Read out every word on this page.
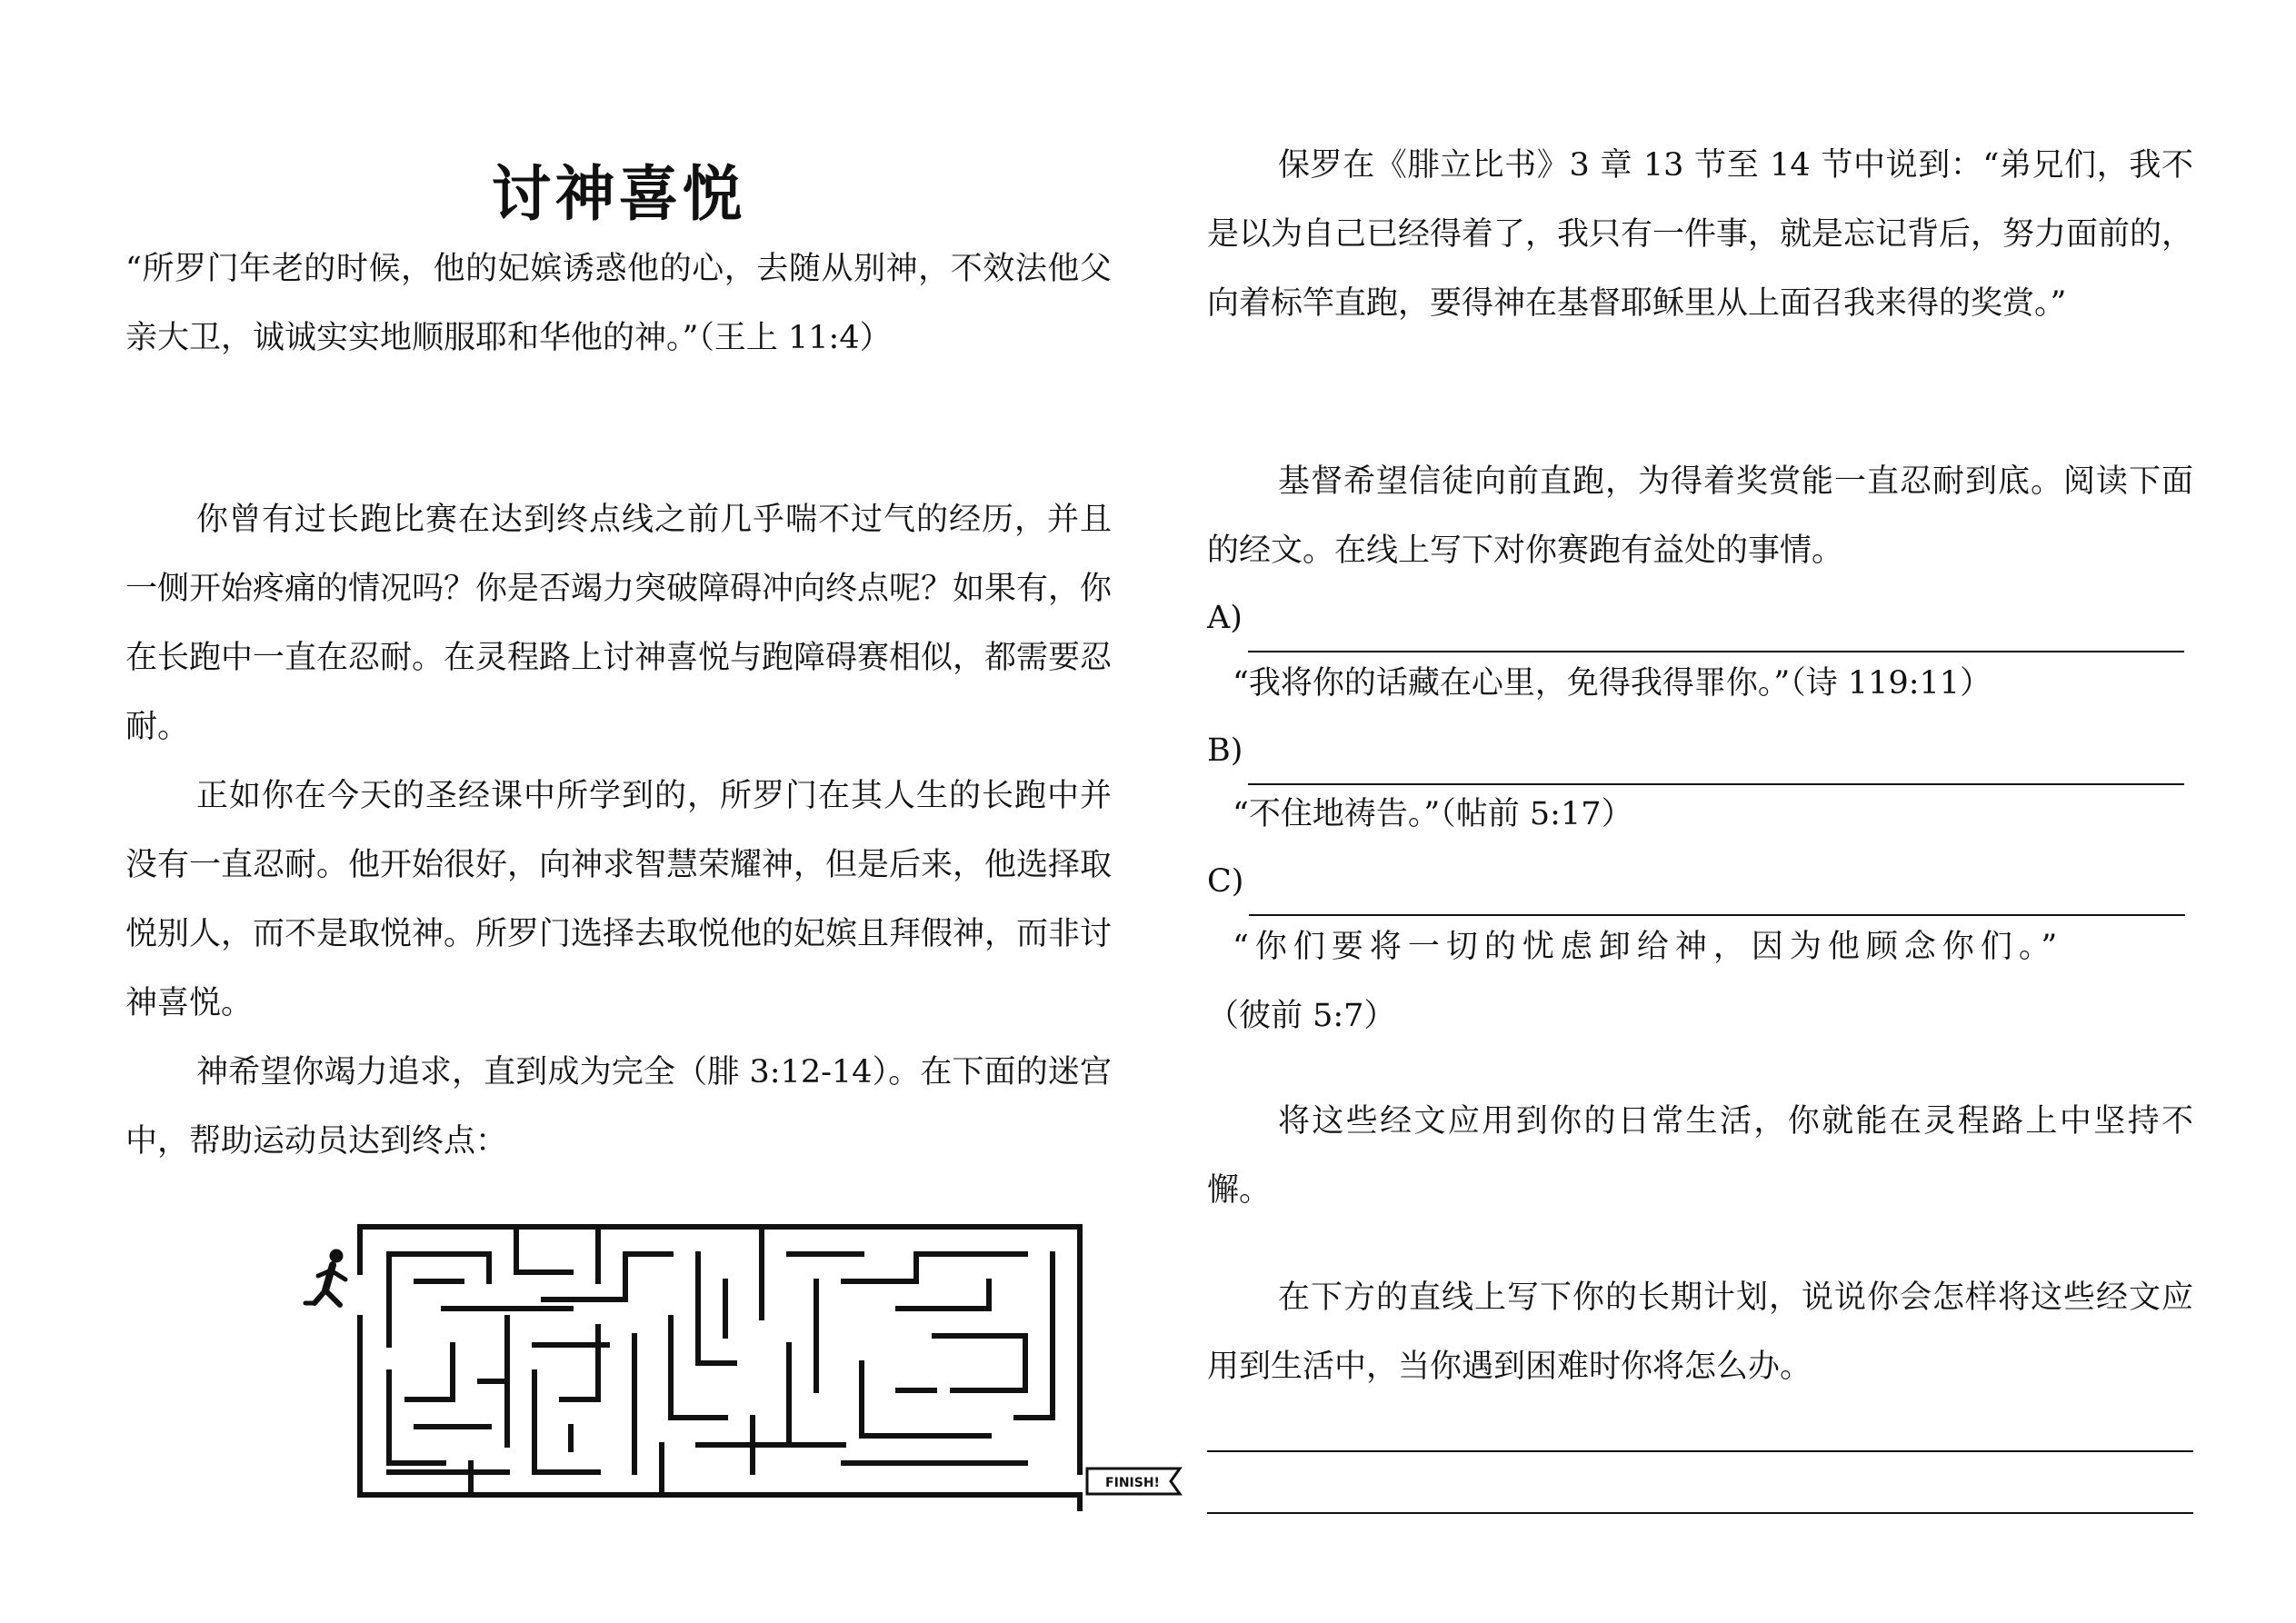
讨神喜悦
“所罗门年老的时候，他的妃嫔诱惑他的心，去随从别神，不效法他父亲大卫，诚诚实实地顺服耶和华他的神。”（王上 11:4）
你曾有过长跑比赛在达到终点线之前几乎喘不过气的经历，并且一侧开始疼痛的情况吗？你是否竭力突破障碍冲向终点呢？如果有，你在长跑中一直在忍耐。在灵程路上讨神喜悦与跑障碍赛相似，都需要忍耐。
正如你在今天的圣经课中所学到的，所罗门在其人生的长跑中并没有一直忍耐。他开始很好，向神求智慧荣耀神，但是后来，他选择取悦别人，而不是取悦神。所罗门选择去取悦他的妃嫔且拜假神，而非讨神喜悦。
神希望你竭力追求，直到成为完全（腓 3:12-14）。在下面的迷宫中，帮助运动员达到终点：
FINISH!
保罗在《腓立比书》3 章 13 节至 14 节中说到：“弟兄们，我不是以为自己已经得着了，我只有一件事，就是忘记背后，努力面前的，向着标竿直跑，要得神在基督耶稣里从上面召我来得的奖赏。”
基督希望信徒向前直跑，为得着奖赏能一直忍耐到底。阅读下面的经文。在线上写下对你赛跑有益处的事情。
A)
“我将你的话藏在心里，免得我得罪你。”（诗 119:11）
B)
“不住地祷告。”（帖前 5:17）
C)
“你们要将一切的忧虑卸给神，因为他顾念你们。”
（彼前 5:7）
将这些经文应用到你的日常生活，你就能在灵程路上中坚持不懈。
在下方的直线上写下你的长期计划，说说你会怎样将这些经文应用到生活中，当你遇到困难时你将怎么办。
